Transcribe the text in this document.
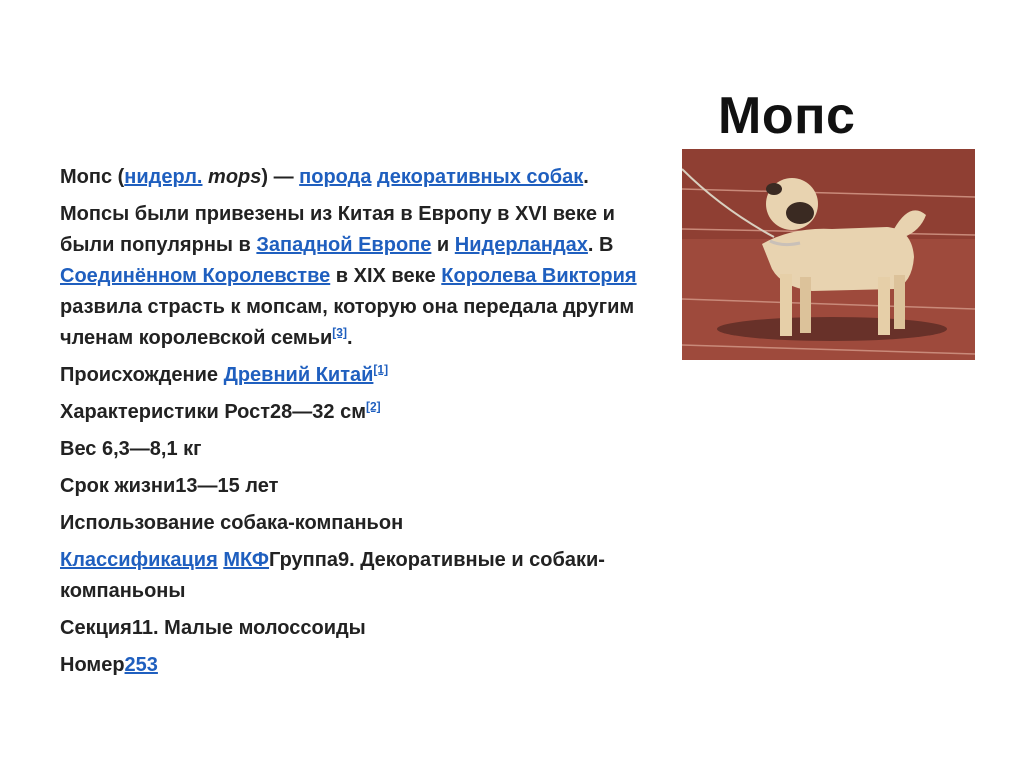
Мопс

Мопс (нидерл. mops) — порода декоративных собак.

Мопсы были привезены из Китая в Европу в XVI веке и были популярны в Западной Европе и Нидерландах. В Соединённом Королевстве в XIX веке Королева Виктория развила страсть к мопсам, которую она передала другим членам королевской семьи[3].

Происхождение Древний Китай[1]

Характеристики Рост28—32 см[2]

Вес 6,3—8,1 кг

Срок жизни13—15 лет

Использование собака-компаньон

Классификация МКФГруппа9. Декоративные и собаки-компаньоны

Секция11. Малые молоссоиды

Номер253
